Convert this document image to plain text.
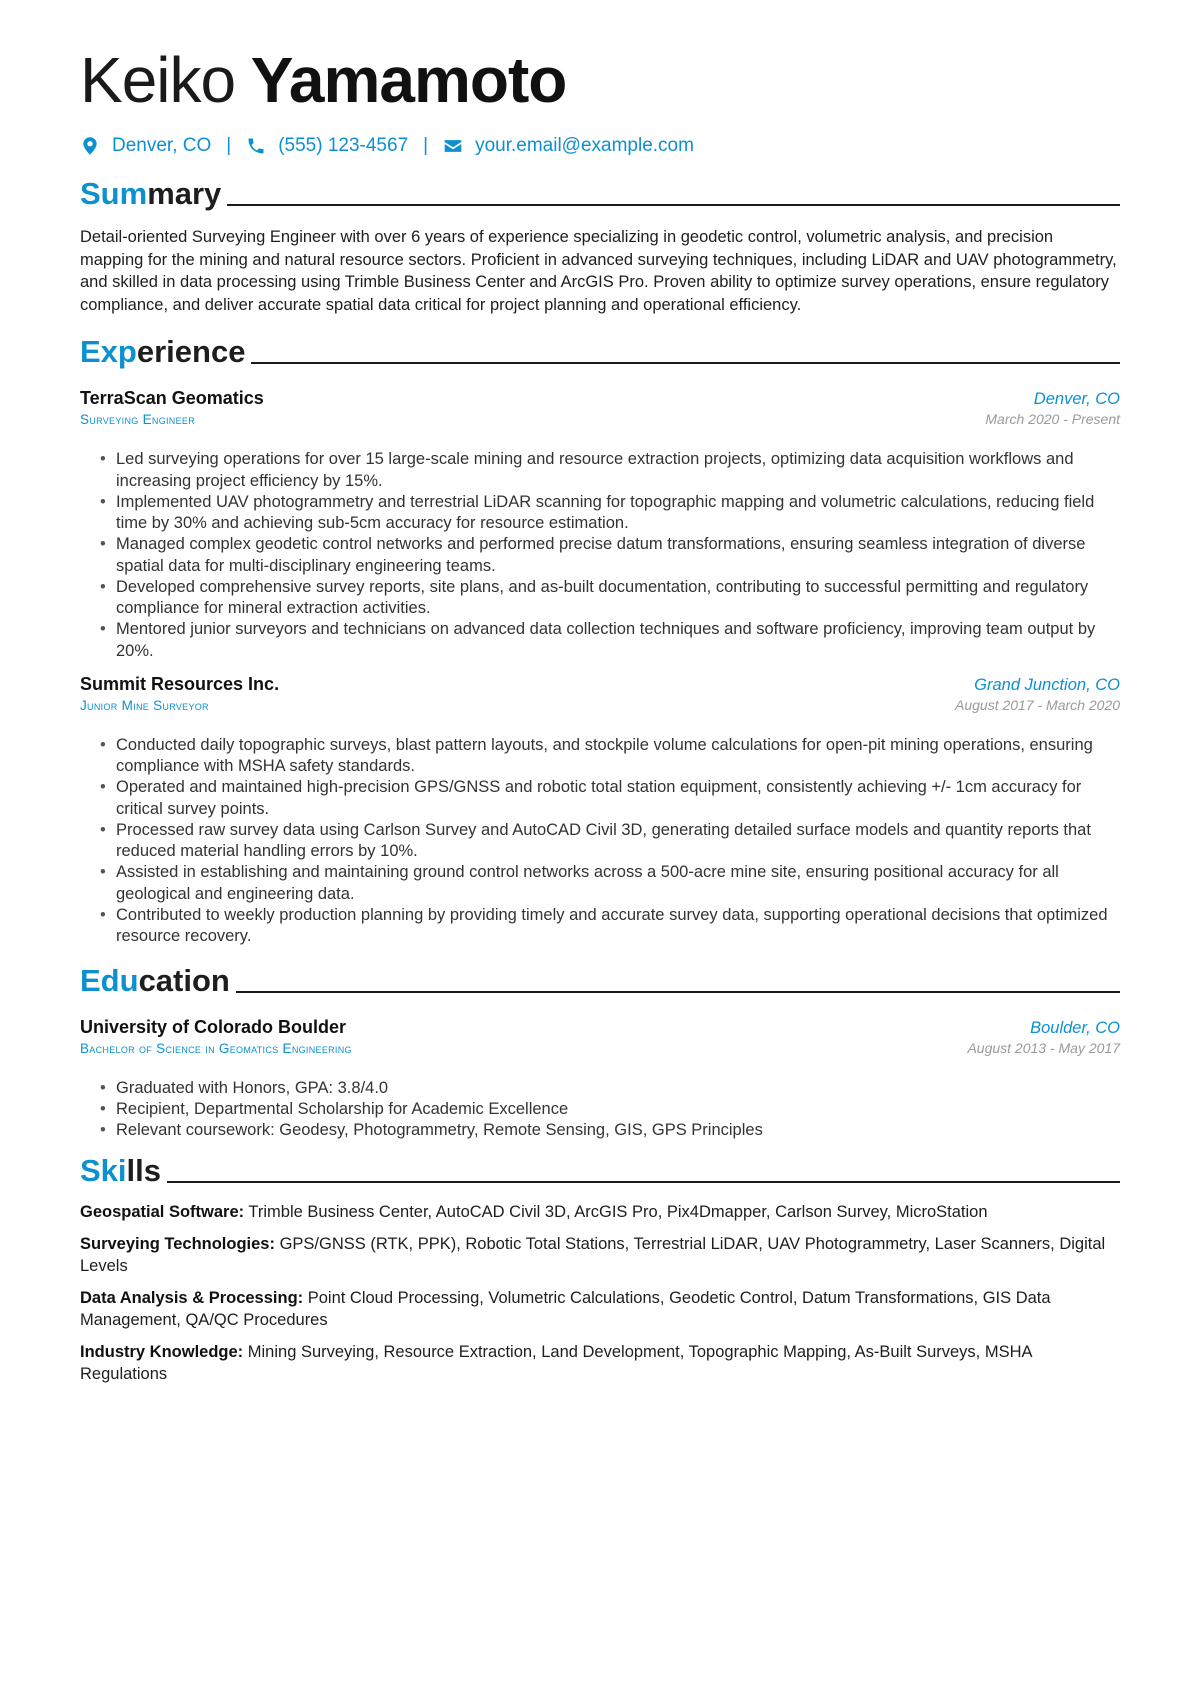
Keiko Yamamoto
Denver, CO | (555) 123-4567 | your.email@example.com
Summary
Detail-oriented Surveying Engineer with over 6 years of experience specializing in geodetic control, volumetric analysis, and precision mapping for the mining and natural resource sectors. Proficient in advanced surveying techniques, including LiDAR and UAV photogrammetry, and skilled in data processing using Trimble Business Center and ArcGIS Pro. Proven ability to optimize survey operations, ensure regulatory compliance, and deliver accurate spatial data critical for project planning and operational efficiency.
Experience
TerraScan Geomatics	Denver, CO
Surveying Engineer	March 2020 - Present
• Led surveying operations for over 15 large-scale mining and resource extraction projects, optimizing data acquisition workflows and increasing project efficiency by 15%.
• Implemented UAV photogrammetry and terrestrial LiDAR scanning for topographic mapping and volumetric calculations, reducing field time by 30% and achieving sub-5cm accuracy for resource estimation.
• Managed complex geodetic control networks and performed precise datum transformations, ensuring seamless integration of diverse spatial data for multi-disciplinary engineering teams.
• Developed comprehensive survey reports, site plans, and as-built documentation, contributing to successful permitting and regulatory compliance for mineral extraction activities.
• Mentored junior surveyors and technicians on advanced data collection techniques and software proficiency, improving team output by 20%.
Summit Resources Inc.	Grand Junction, CO
Junior Mine Surveyor	August 2017 - March 2020
• Conducted daily topographic surveys, blast pattern layouts, and stockpile volume calculations for open-pit mining operations, ensuring compliance with MSHA safety standards.
• Operated and maintained high-precision GPS/GNSS and robotic total station equipment, consistently achieving +/- 1cm accuracy for critical survey points.
• Processed raw survey data using Carlson Survey and AutoCAD Civil 3D, generating detailed surface models and quantity reports that reduced material handling errors by 10%.
• Assisted in establishing and maintaining ground control networks across a 500-acre mine site, ensuring positional accuracy for all geological and engineering data.
• Contributed to weekly production planning by providing timely and accurate survey data, supporting operational decisions that optimized resource recovery.
Education
University of Colorado Boulder	Boulder, CO
Bachelor of Science in Geomatics Engineering	August 2013 - May 2017
• Graduated with Honors, GPA: 3.8/4.0
• Recipient, Departmental Scholarship for Academic Excellence
• Relevant coursework: Geodesy, Photogrammetry, Remote Sensing, GIS, GPS Principles
Skills
Geospatial Software: Trimble Business Center, AutoCAD Civil 3D, ArcGIS Pro, Pix4Dmapper, Carlson Survey, MicroStation
Surveying Technologies: GPS/GNSS (RTK, PPK), Robotic Total Stations, Terrestrial LiDAR, UAV Photogrammetry, Laser Scanners, Digital Levels
Data Analysis & Processing: Point Cloud Processing, Volumetric Calculations, Geodetic Control, Datum Transformations, GIS Data Management, QA/QC Procedures
Industry Knowledge: Mining Surveying, Resource Extraction, Land Development, Topographic Mapping, As-Built Surveys, MSHA Regulations
